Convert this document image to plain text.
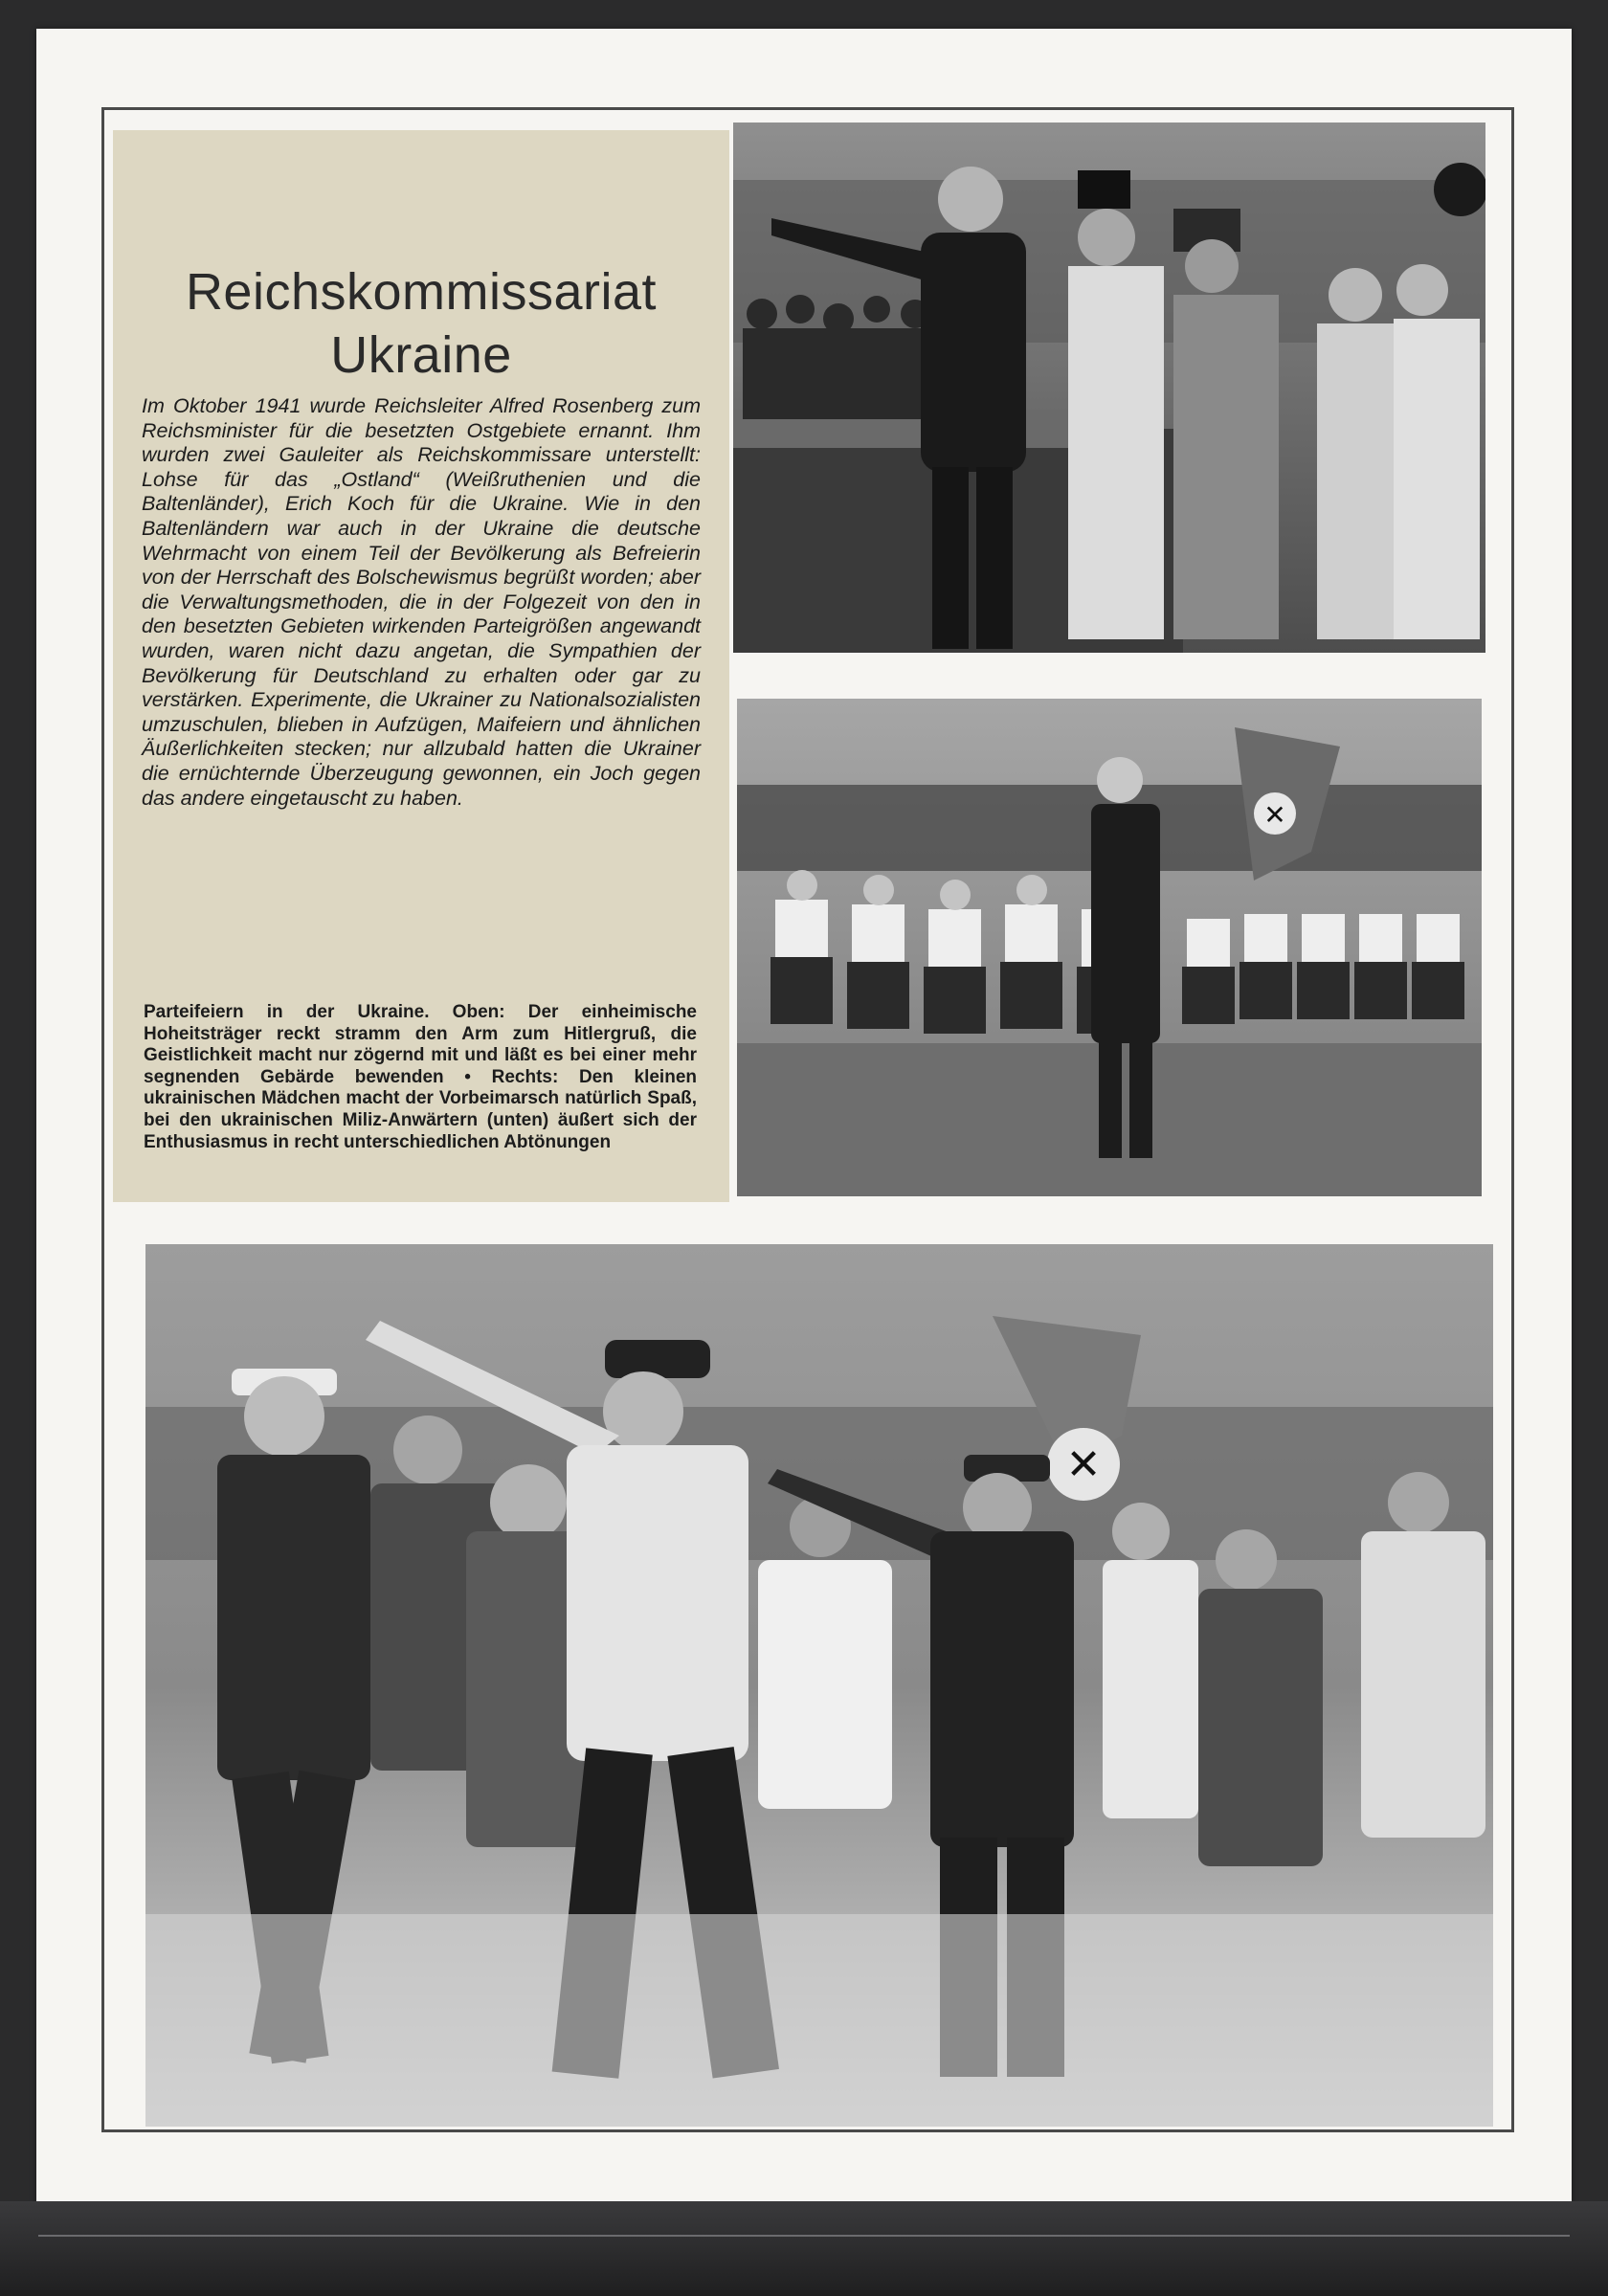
Reichskommissariat
Ukraine
Im Oktober 1941 wurde Reichsleiter Alfred Rosenberg zum Reichsminister für die besetzten Ostgebiete ernannt. Ihm wurden zwei Gauleiter als Reichskommissare unterstellt: Lohse für das „Ostland“ (Weißruthenien und die Baltenländer), Erich Koch für die Ukraine. Wie in den Baltenländern war auch in der Ukraine die deutsche Wehrmacht von einem Teil der Bevölkerung als Befreierin von der Herrschaft des Bolschewismus begrüßt worden; aber die Verwaltungsmethoden, die in der Folgezeit von den in den besetzten Gebieten wirkenden Parteigrößen angewandt wurden, waren nicht dazu angetan, die Sympathien der Bevölkerung für Deutschland zu erhalten oder gar zu verstärken. Experimente, die Ukrainer zu Nationalsozialisten umzuschulen, blieben in Aufzügen, Maifeiern und ähnlichen Äußerlichkeiten stecken; nur allzubald hatten die Ukrainer die ernüchternde Überzeugung gewonnen, ein Joch gegen das andere eingetauscht zu haben.
Parteifeiern in der Ukraine. Oben: Der einheimische Hoheitsträger reckt stramm den Arm zum Hitlergruß, die Geistlichkeit macht nur zögernd mit und läßt es bei einer mehr segnenden Gebärde bewenden • Rechts: Den kleinen ukrainischen Mädchen macht der Vorbeimarsch natürlich Spaß, bei den ukrainischen Miliz-Anwärtern (unten) äußert sich der Enthusiasmus in recht unterschiedlichen Abtönungen
✕
✕
